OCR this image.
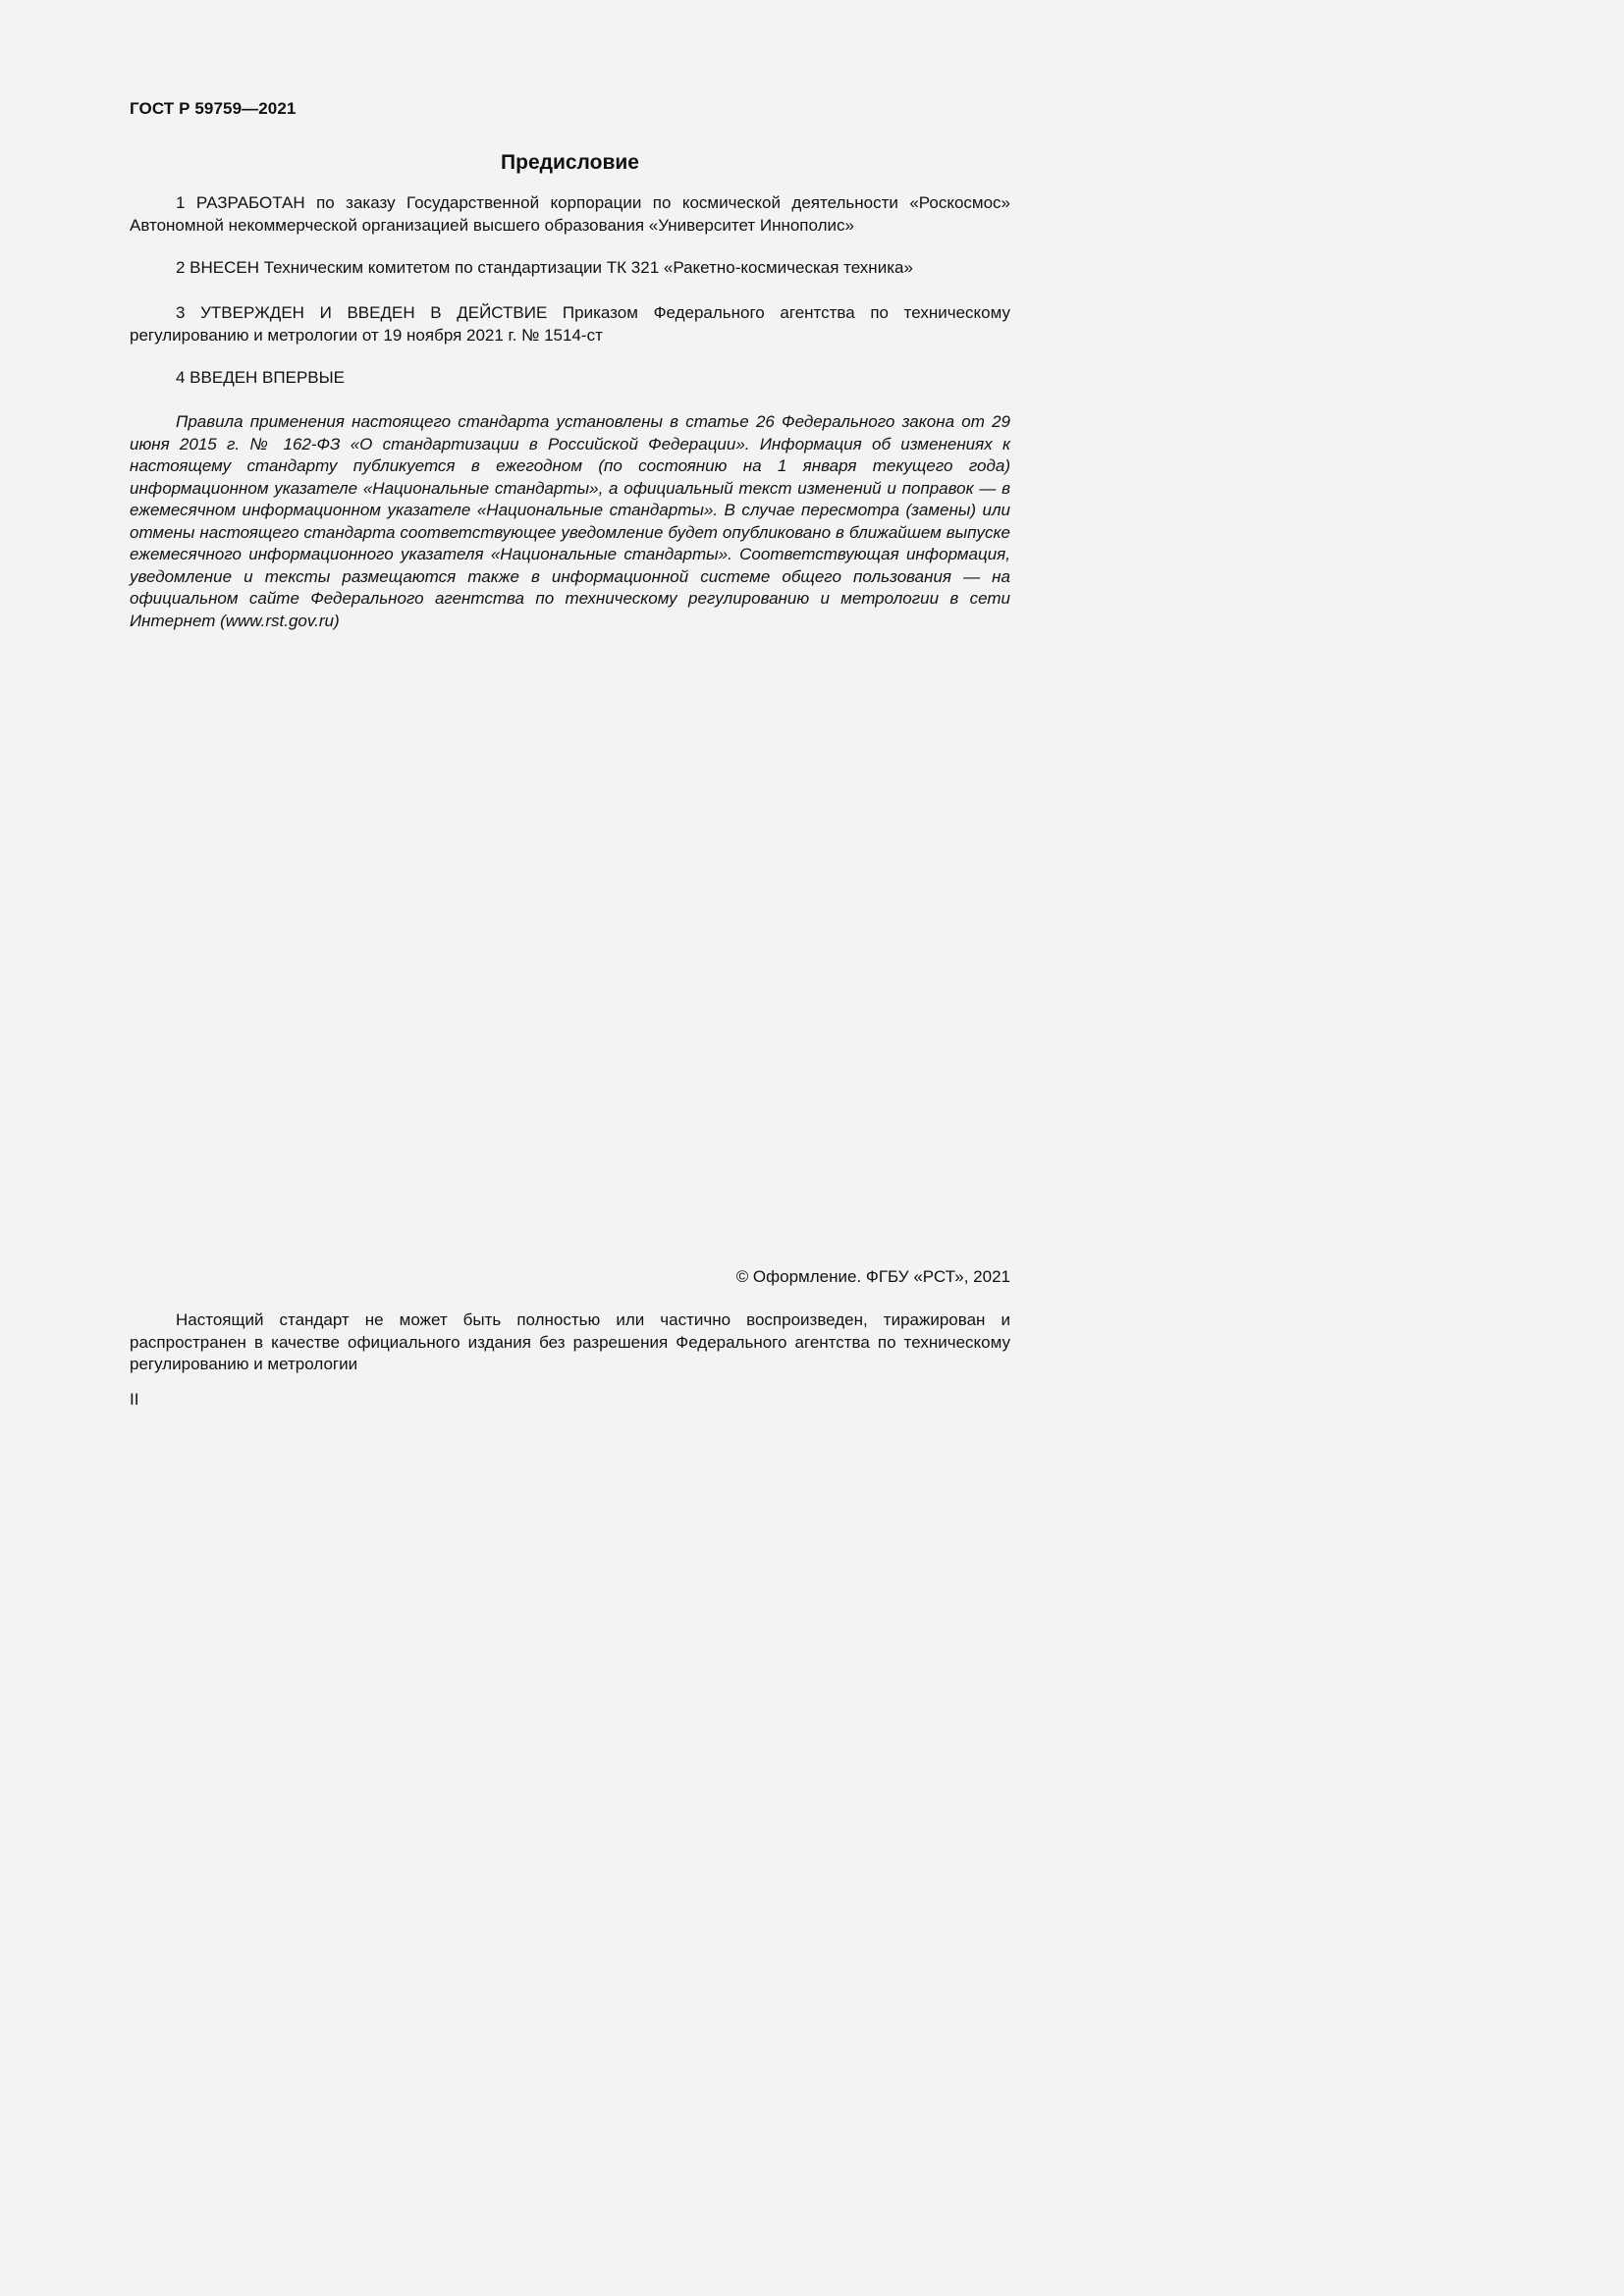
ГОСТ Р 59759—2021
Предисловие

1 РАЗРАБОТАН по заказу Государственной корпорации по космической деятельности «Роскосмос» Автономной некоммерческой организацией высшего образования «Университет Иннополис»

2 ВНЕСЕН Техническим комитетом по стандартизации ТК 321 «Ракетно-космическая техника»

3 УТВЕРЖДЕН И ВВЕДЕН В ДЕЙСТВИЕ Приказом Федерального агентства по техническому регулированию и метрологии от 19 ноября 2021 г. № 1514-ст

4 ВВЕДЕН ВПЕРВЫЕ

Правила применения настоящего стандарта установлены в статье 26 Федерального закона от 29 июня 2015 г. № 162-ФЗ «О стандартизации в Российской Федерации». Информация об изменениях к настоящему стандарту публикуется в ежегодном (по состоянию на 1 января текущего года) информационном указателе «Национальные стандарты», а официальный текст изменений и поправок — в ежемесячном информационном указателе «Национальные стандарты». В случае пересмотра (замены) или отмены настоящего стандарта соответствующее уведомление будет опубликовано в ближайшем выпуске ежемесячного информационного указателя «Национальные стандарты». Соответствующая информация, уведомление и тексты размещаются также в информационной системе общего пользования — на официальном сайте Федерального агентства по техническому регулированию и метрологии в сети Интернет (www.rst.gov.ru)

© Оформление. ФГБУ «РСТ», 2021

Настоящий стандарт не может быть полностью или частично воспроизведен, тиражирован и распространен в качестве официального издания без разрешения Федерального агентства по техническому регулированию и метрологии

II
